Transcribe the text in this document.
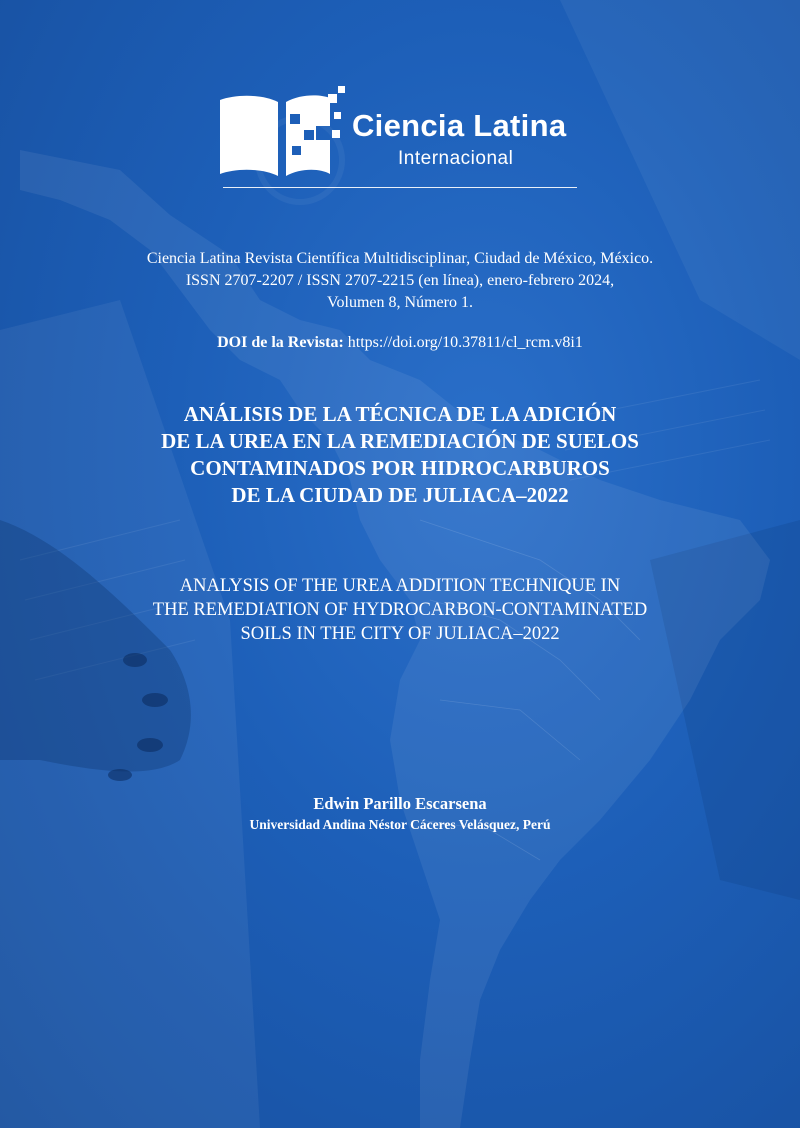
Ciencia Latina
Internacional
Ciencia Latina Revista Científica Multidisciplinar, Ciudad de México, México.
ISSN 2707-2207 / ISSN 2707-2215 (en línea), enero-febrero 2024,
Volumen 8, Número 1.
DOI de la Revista: https://doi.org/10.37811/cl_rcm.v8i1
ANÁLISIS DE LA TÉCNICA DE LA ADICIÓN
DE LA UREA EN LA REMEDIACIÓN DE SUELOS
CONTAMINADOS POR HIDROCARBUROS
DE LA CIUDAD DE JULIACA–2022
ANALYSIS OF THE UREA ADDITION TECHNIQUE IN
THE REMEDIATION OF HYDROCARBON-CONTAMINATED
SOILS IN THE CITY OF JULIACA–2022
Edwin Parillo Escarsena
Universidad Andina Néstor Cáceres Velásquez, Perú
